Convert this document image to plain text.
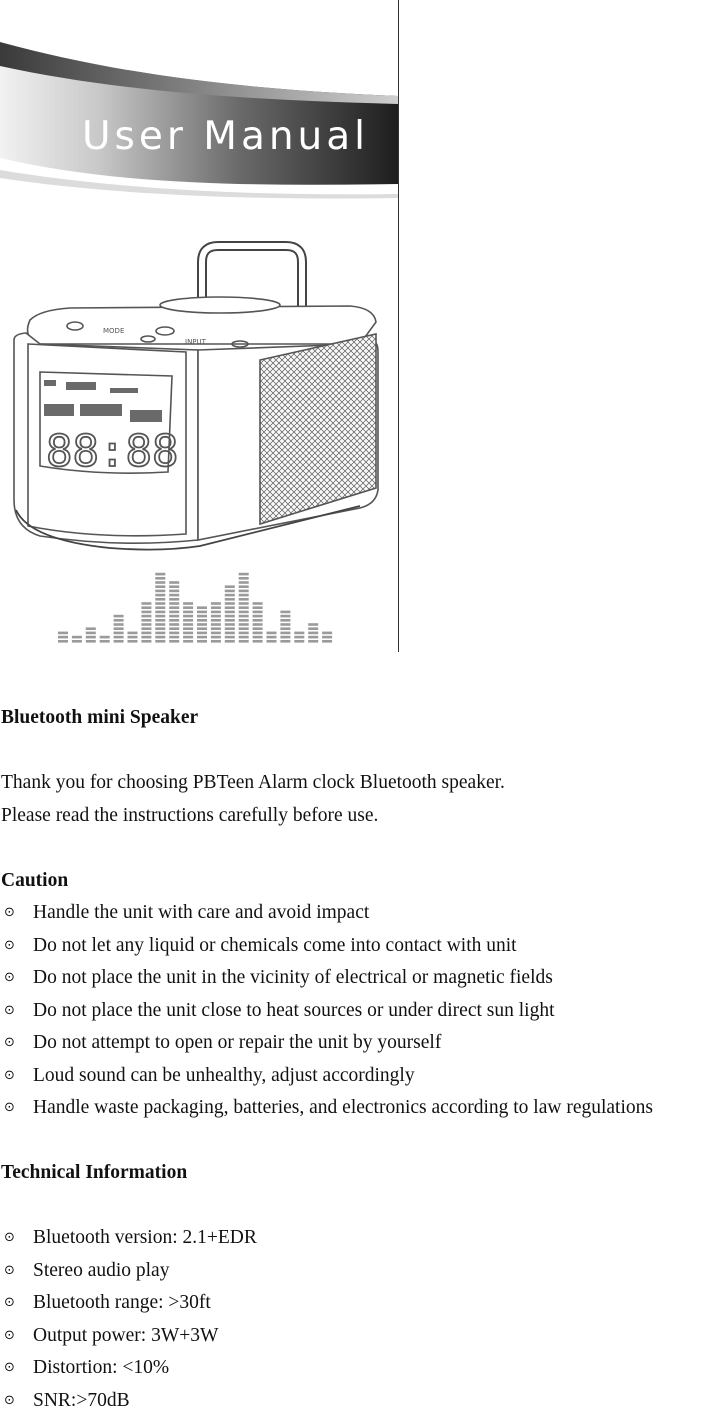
User Manual
MODE
INPUT
88:88

Bluetooth mini Speaker

Thank you for choosing PBTeen Alarm clock Bluetooth speaker.

Please read the instructions carefully before use.

Caution

⊙ Handle the unit with care and avoid impact
⊙ Do not let any liquid or chemicals come into contact with unit
⊙ Do not place the unit in the vicinity of electrical or magnetic fields
⊙ Do not place the unit close to heat sources or under direct sun light
⊙ Do not attempt to open or repair the unit by yourself
⊙ Loud sound can be unhealthy, adjust accordingly
⊙ Handle waste packaging, batteries, and electronics according to law regulations

Technical Information

⊙ Bluetooth version: 2.1+EDR
⊙ Stereo audio play
⊙ Bluetooth range: >30ft
⊙ Output power: 3W+3W
⊙ Distortion: <10%
⊙ SNR:>70dB
